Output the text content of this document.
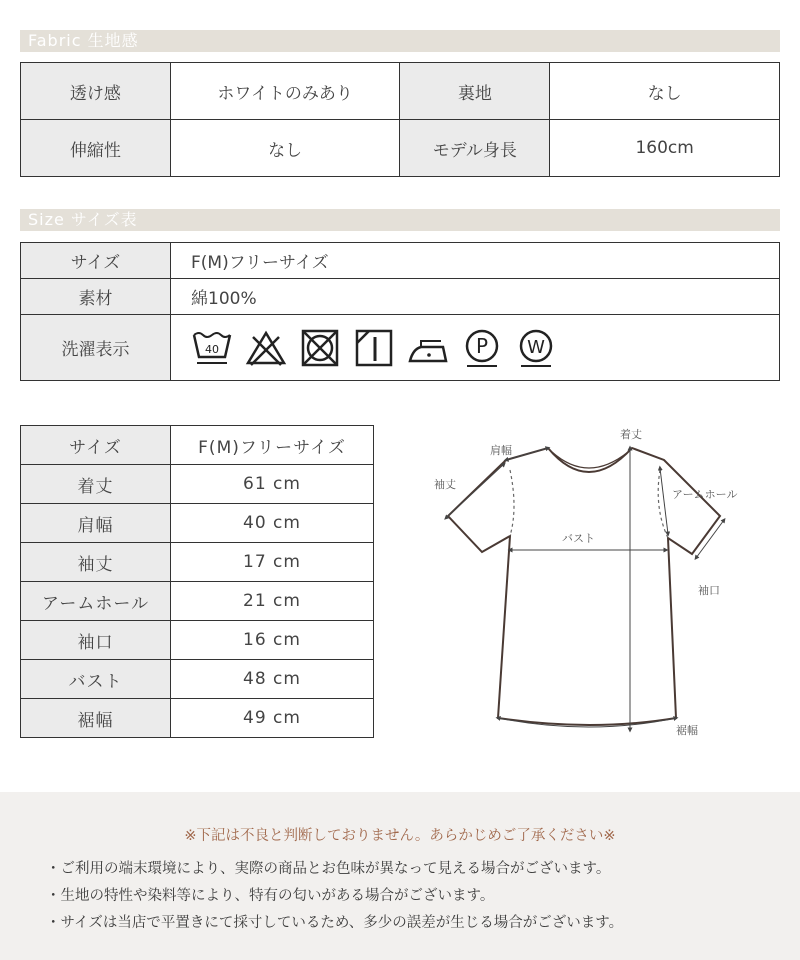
Fabric 生地感
透け感	ホワイトのみあり	裏地	なし
伸縮性	なし	モデル身長	160cm
Size サイズ表
サイズ	F(M)フリーサイズ
素材	綿100%
洗濯表示	40 P W
サイズ	F(M)フリーサイズ
着丈	61 cm
肩幅	40 cm
袖丈	17 cm
アームホール	21 cm
袖口	16 cm
バスト	48 cm
裾幅	49 cm
着丈
肩幅
袖丈
アームホール
バスト
袖口
裾幅
※下記は不良と判断しておりません。あらかじめご了承ください※
・ご利用の端末環境により、実際の商品とお色味が異なって見える場合がございます。
・生地の特性や染料等により、特有の匂いがある場合がございます。
・サイズは当店で平置きにて採寸しているため、多少の誤差が生じる場合がございます。
